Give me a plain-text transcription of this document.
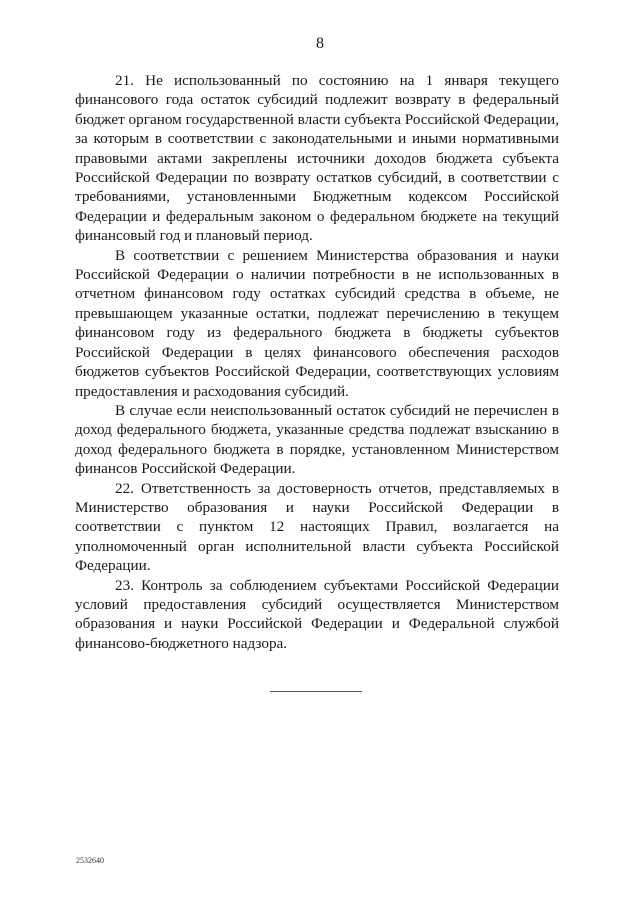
8

21. Не использованный по состоянию на 1 января текущего финансового года остаток субсидий подлежит возврату в федеральный бюджет органом государственной власти субъекта Российской Федерации, за которым в соответствии с законодательными и иными нормативными правовыми актами закреплены источники доходов бюджета субъекта Российской Федерации по возврату остатков субсидий, в соответствии с требованиями, установленными Бюджетным кодексом Российской Федерации и федеральным законом о федеральном бюджете на текущий финансовый год и плановый период.

В соответствии с решением Министерства образования и науки Российской Федерации о наличии потребности в не использованных в отчетном финансовом году остатках субсидий средства в объеме, не превышающем указанные остатки, подлежат перечислению в текущем финансовом году из федерального бюджета в бюджеты субъектов Российской Федерации в целях финансового обеспечения расходов бюджетов субъектов Российской Федерации, соответствующих условиям предоставления и расходования субсидий.

В случае если неиспользованный остаток субсидий не перечислен в доход федерального бюджета, указанные средства подлежат взысканию в доход федерального бюджета в порядке, установленном Министерством финансов Российской Федерации.

22. Ответственность за достоверность отчетов, представляемых в Министерство образования и науки Российской Федерации в соответствии с пунктом 12 настоящих Правил, возлагается на уполномоченный орган исполнительной власти субъекта Российской Федерации.

23. Контроль за соблюдением субъектами Российской Федерации условий предоставления субсидий осуществляется Министерством образования и науки Российской Федерации и Федеральной службой финансово-бюджетного надзора.

2532640
